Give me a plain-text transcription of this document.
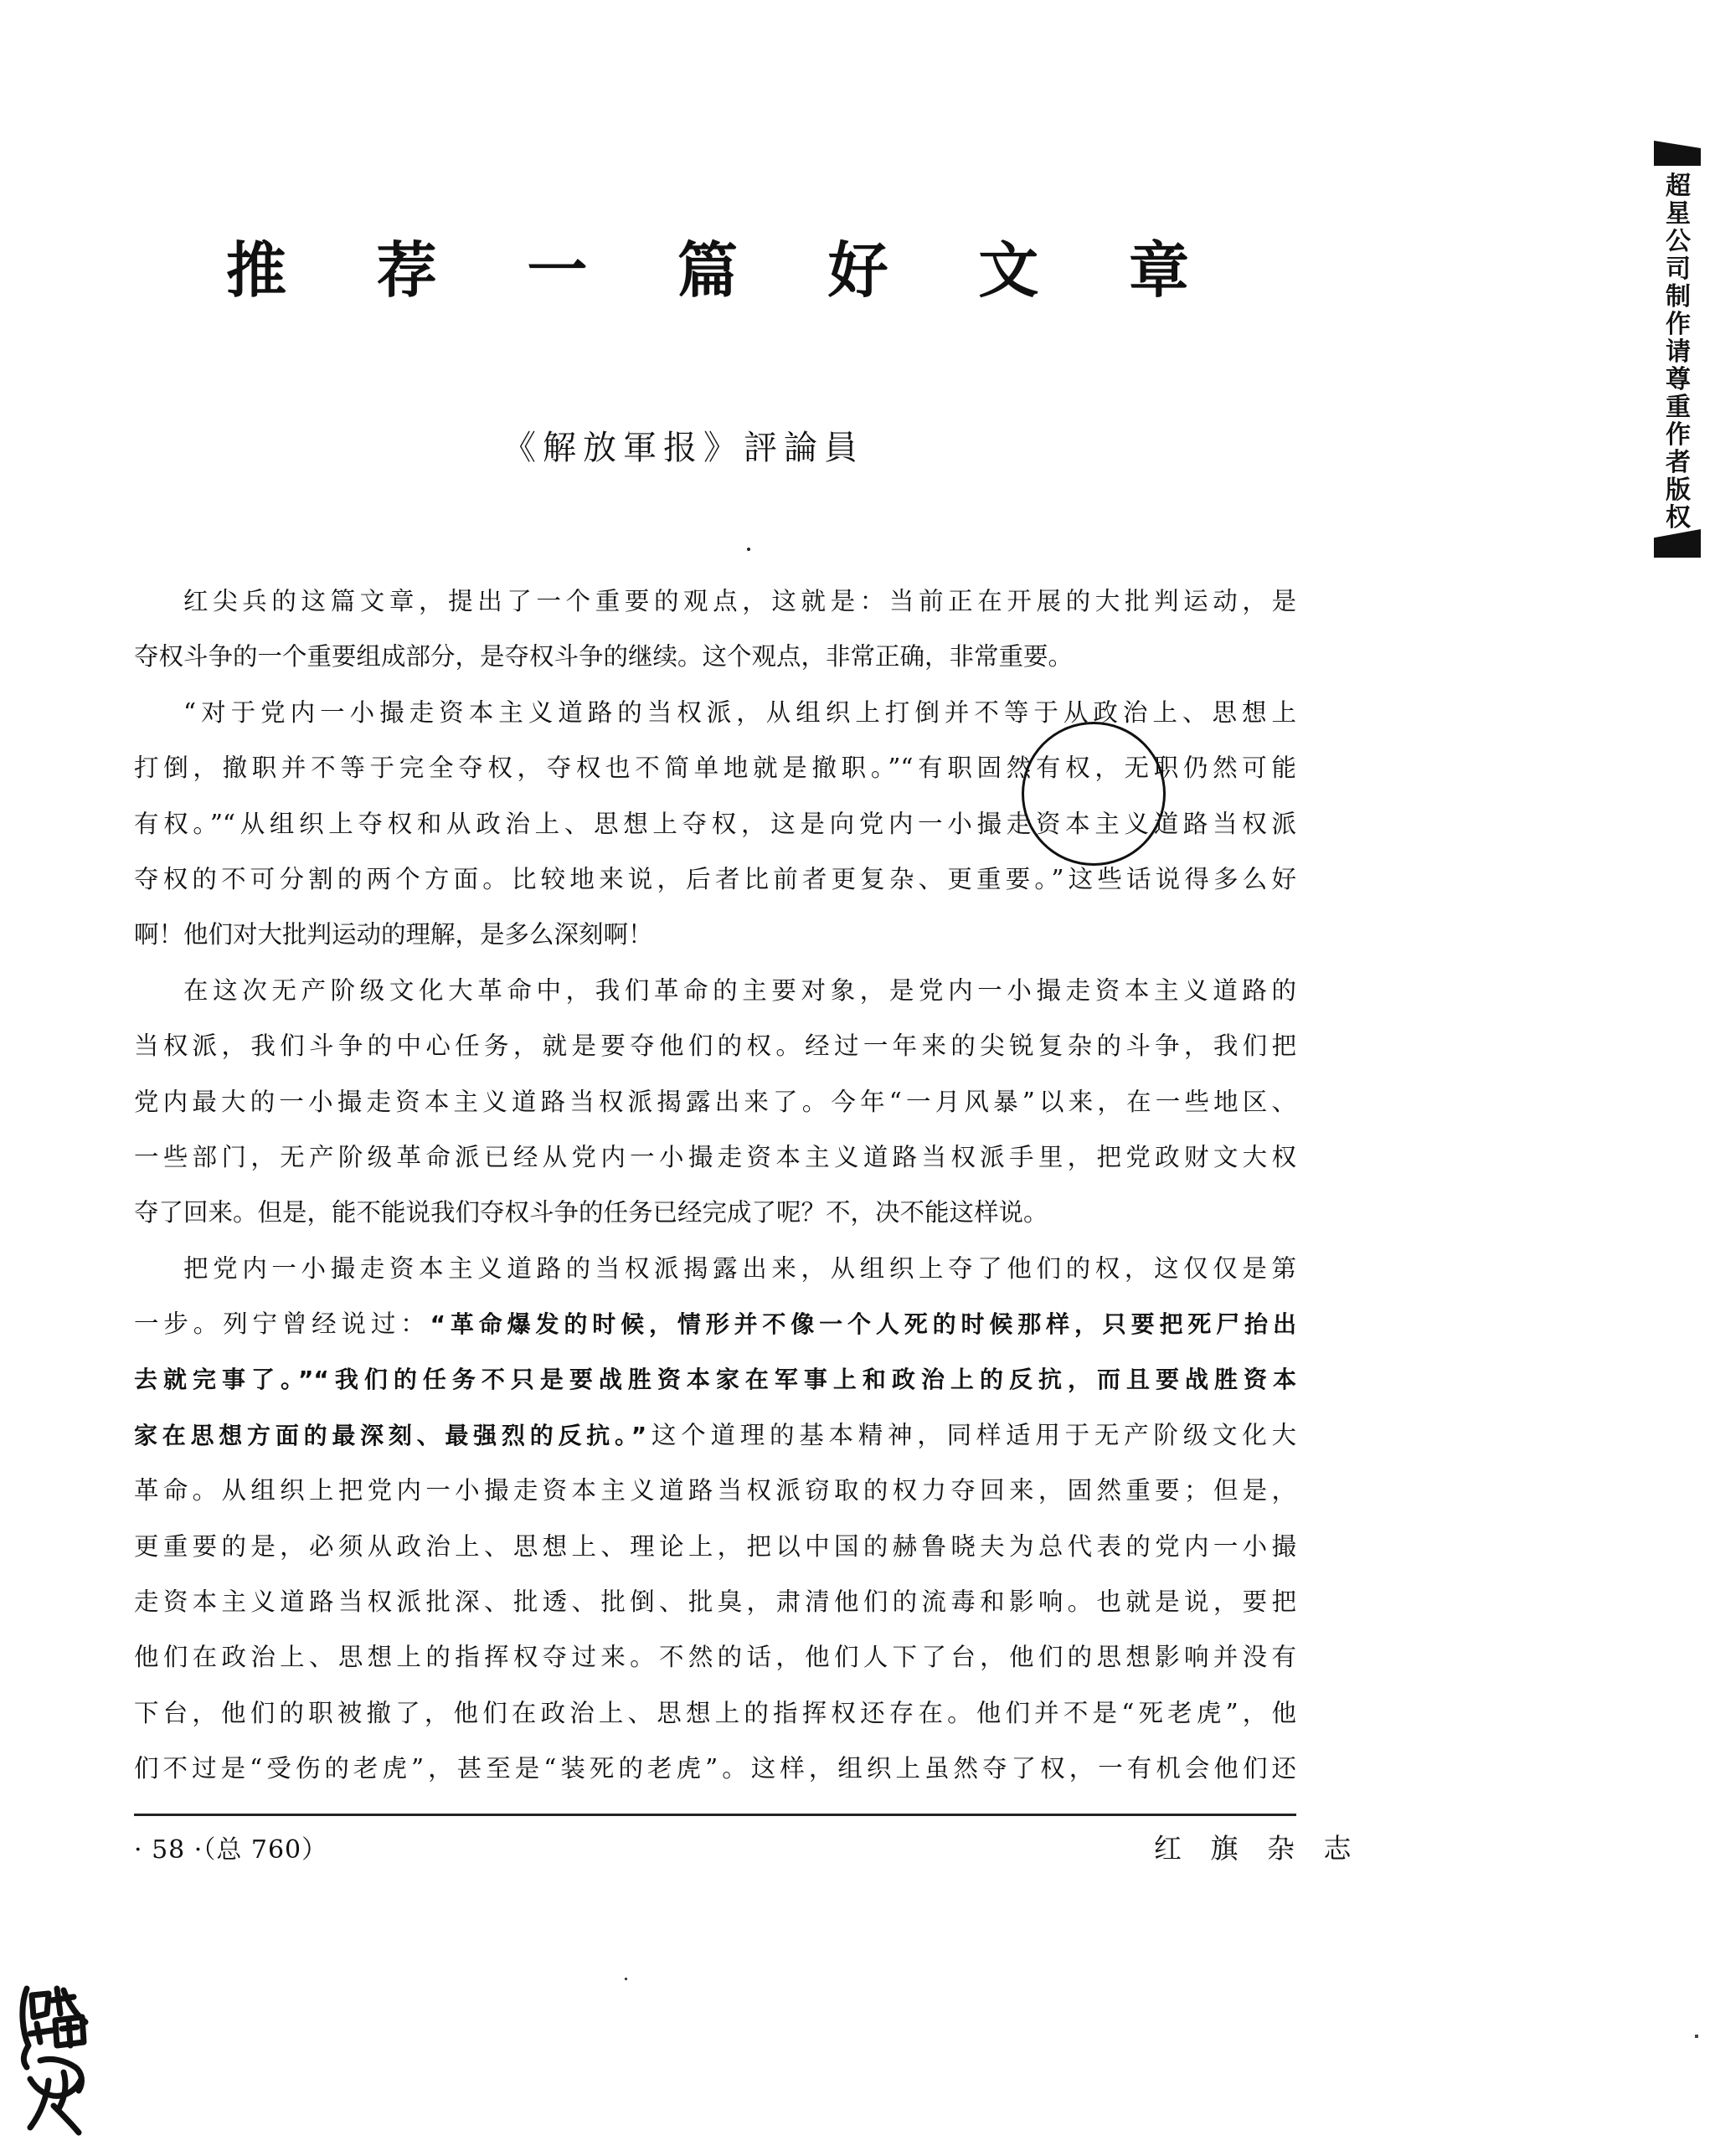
推 荐 一 篇 好 文 章
《解放軍报》評論員
红尖兵的这篇文章，提出了一个重要的观点，这就是：当前正在开展的大批判运动，是
夺权斗争的一个重要组成部分，是夺权斗争的继续。这个观点，非常正确，非常重要。
“对于党内一小撮走资本主义道路的当权派，从组织上打倒并不等于从政治上、思想上
打倒，撤职并不等于完全夺权，夺权也不简单地就是撤职。”“有职固然有权，无职仍然可能
有权。”“从组织上夺权和从政治上、思想上夺权，这是向党内一小撮走资本主义道路当权派
夺权的不可分割的两个方面。比较地来说，后者比前者更复杂、更重要。”这些话说得多么好
啊！他们对大批判运动的理解，是多么深刻啊！
在这次无产阶级文化大革命中，我们革命的主要对象，是党内一小撮走资本主义道路的
当权派，我们斗争的中心任务，就是要夺他们的权。经过一年来的尖锐复杂的斗争，我们把
党内最大的一小撮走资本主义道路当权派揭露出来了。今年“一月风暴”以来，在一些地区、
一些部门，无产阶级革命派已经从党内一小撮走资本主义道路当权派手里，把党政财文大权
夺了回来。但是，能不能说我们夺权斗争的任务已经完成了呢？不，决不能这样说。
把党内一小撮走资本主义道路的当权派揭露出来，从组织上夺了他们的权，这仅仅是第
一步。列宁曾经说过：“革命爆发的时候，情形并不像一个人死的时候那样，只要把死尸抬出
去就完事了。”“我们的任务不只是要战胜资本家在军事上和政治上的反抗，而且要战胜资本
家在思想方面的最深刻、最强烈的反抗。”这个道理的基本精神，同样适用于无产阶级文化大
革命。从组织上把党内一小撮走资本主义道路当权派窃取的权力夺回来，固然重要；但是，
更重要的是，必须从政治上、思想上、理论上，把以中国的赫鲁晓夫为总代表的党内一小撮
走资本主义道路当权派批深、批透、批倒、批臭，肃清他们的流毒和影响。也就是说，要把
他们在政治上、思想上的指挥权夺过来。不然的话，他们人下了台，他们的思想影响并没有
下台，他们的职被撤了，他们在政治上、思想上的指挥权还存在。他们并不是“死老虎”，他
们不过是“受伤的老虎”，甚至是“装死的老虎”。这样，组织上虽然夺了权，一有机会他们还
· 58 ·（总 760）	红 旗 杂 志
超星公司制作请尊重作者版权
